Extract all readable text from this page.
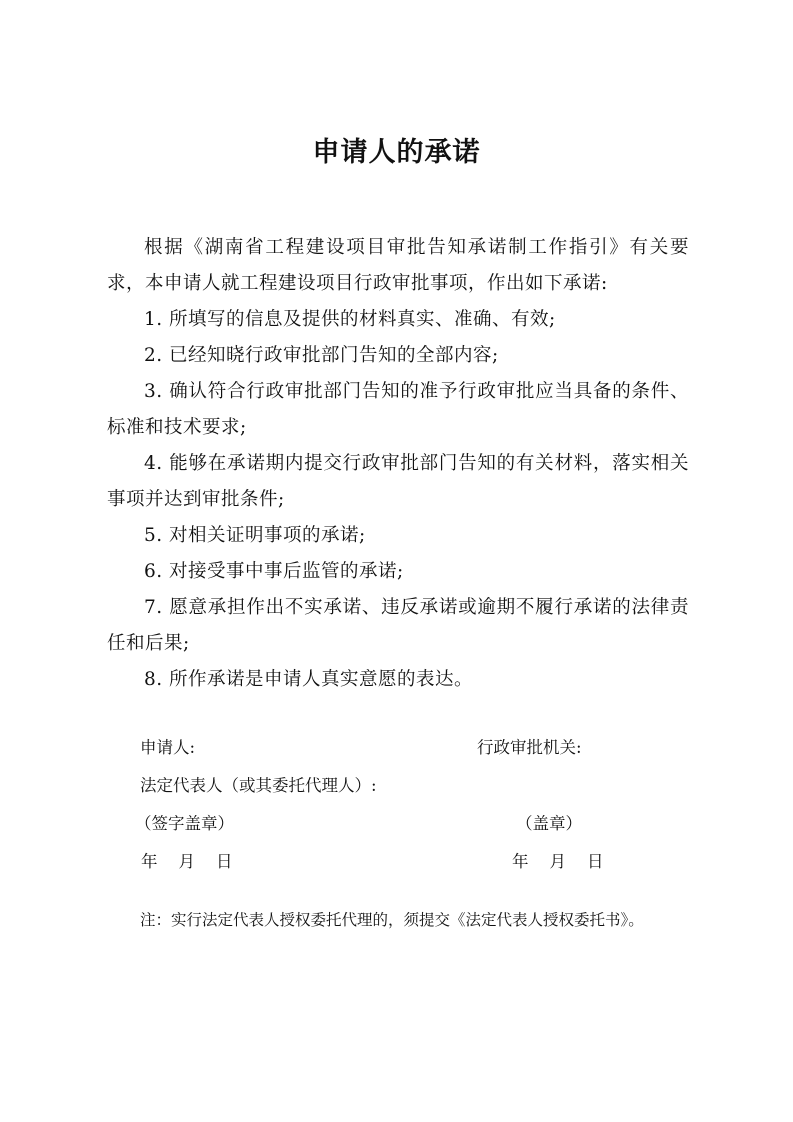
申请人的承诺

根据《湖南省工程建设项目审批告知承诺制工作指引》有关要求，本申请人就工程建设项目行政审批事项，作出如下承诺:

1. 所填写的信息及提供的材料真实、准确、有效;

2. 已经知晓行政审批部门告知的全部内容;

3. 确认符合行政审批部门告知的准予行政审批应当具备的条件、标准和技术要求;

4. 能够在承诺期内提交行政审批部门告知的有关材料，落实相关事项并达到审批条件;

5. 对相关证明事项的承诺;

6. 对接受事中事后监管的承诺;

7. 愿意承担作出不实承诺、违反承诺或逾期不履行承诺的法律责任和后果;

8. 所作承诺是申请人真实意愿的表达。

申请人:	行政审批机关:
法定代表人（或其委托代理人）:
（签字盖章）	（盖章）
年    月    日	年    月    日
注：实行法定代表人授权委托代理的，须提交《法定代表人授权委托书》。
